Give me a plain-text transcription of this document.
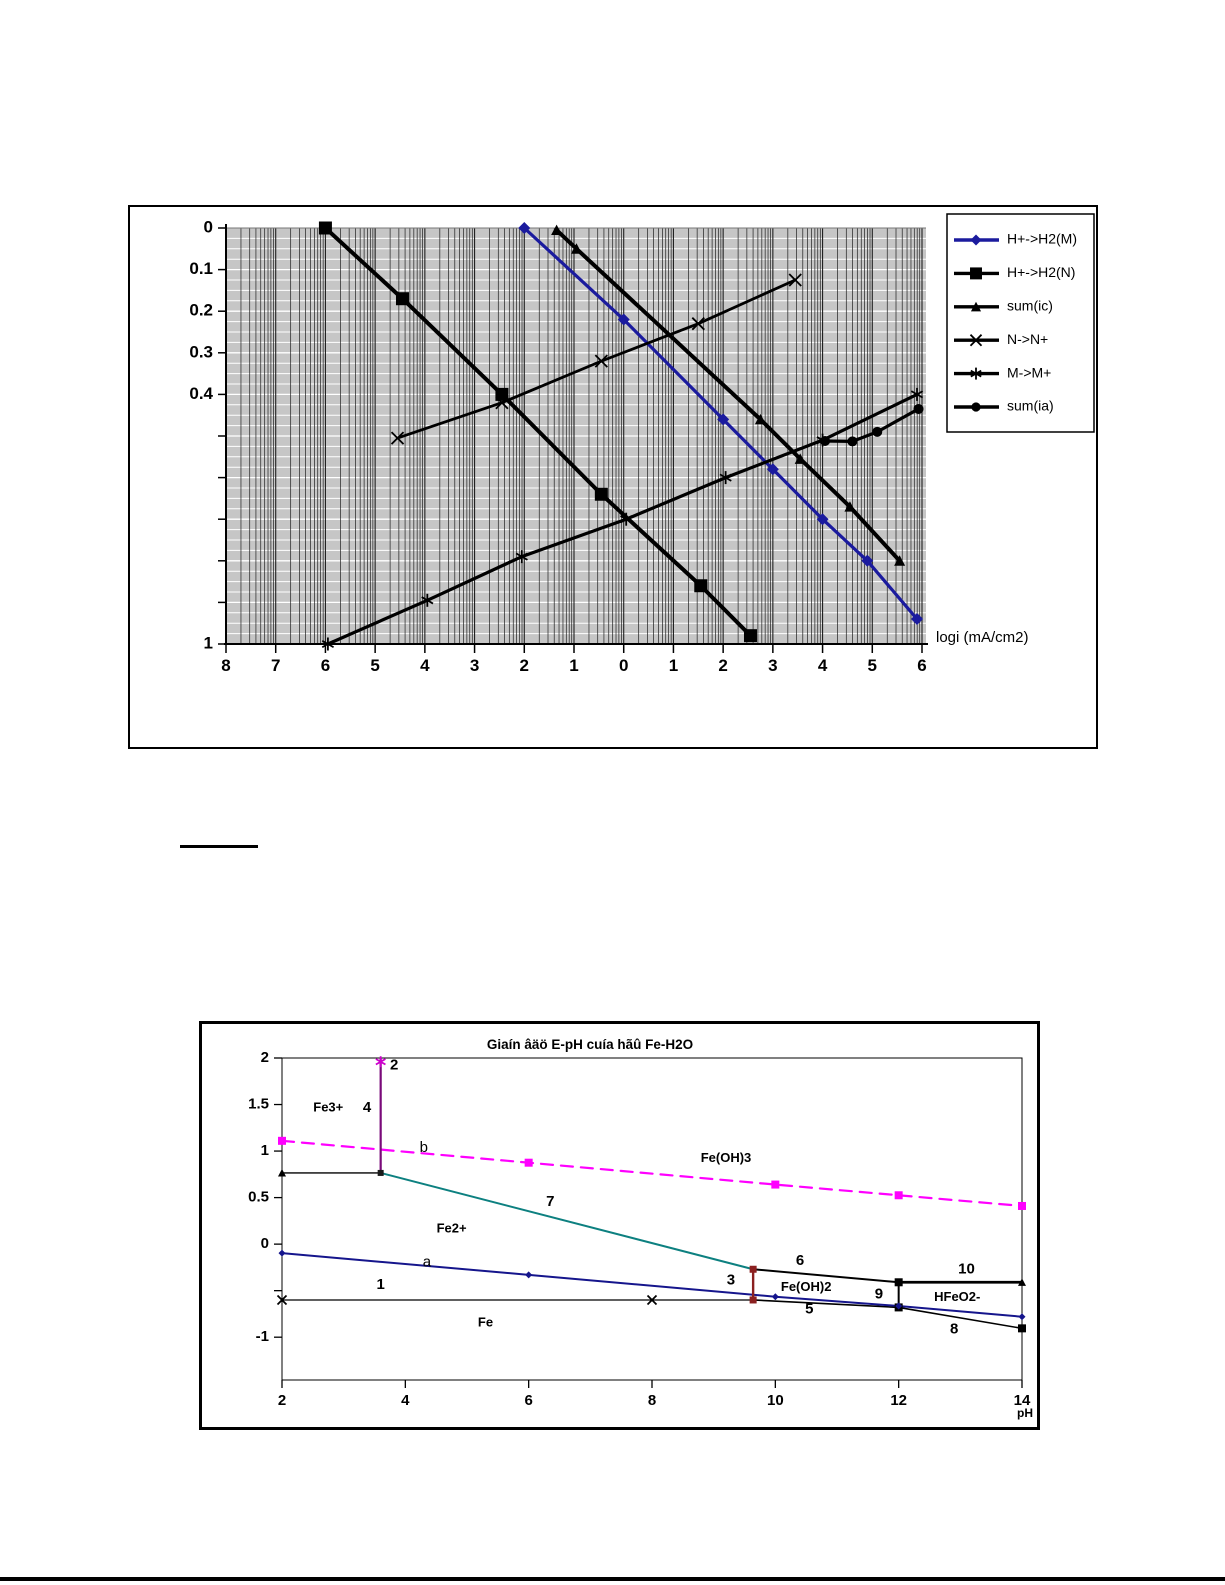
0
0.1
0.2
0.3
0.4
1
8 7 6 5 4 3 2 1 0 1 2 3 4 5 6
logi (mA/cm2)
H+->H2(M)
H+->H2(N)
sum(ic)
N->N+
M->M+
sum(ia)
Giaín âäö E-pH cuía hãû Fe-H2O
2
1.5
1
0.5
0
-1
2	4	6	8	10	12	14
pH
2
Fe3+ 4
b
Fe(OH)3
7
Fe2+
a
1
Fe
3
6
Fe(OH)2
5
9
10
HFeO2-
8
